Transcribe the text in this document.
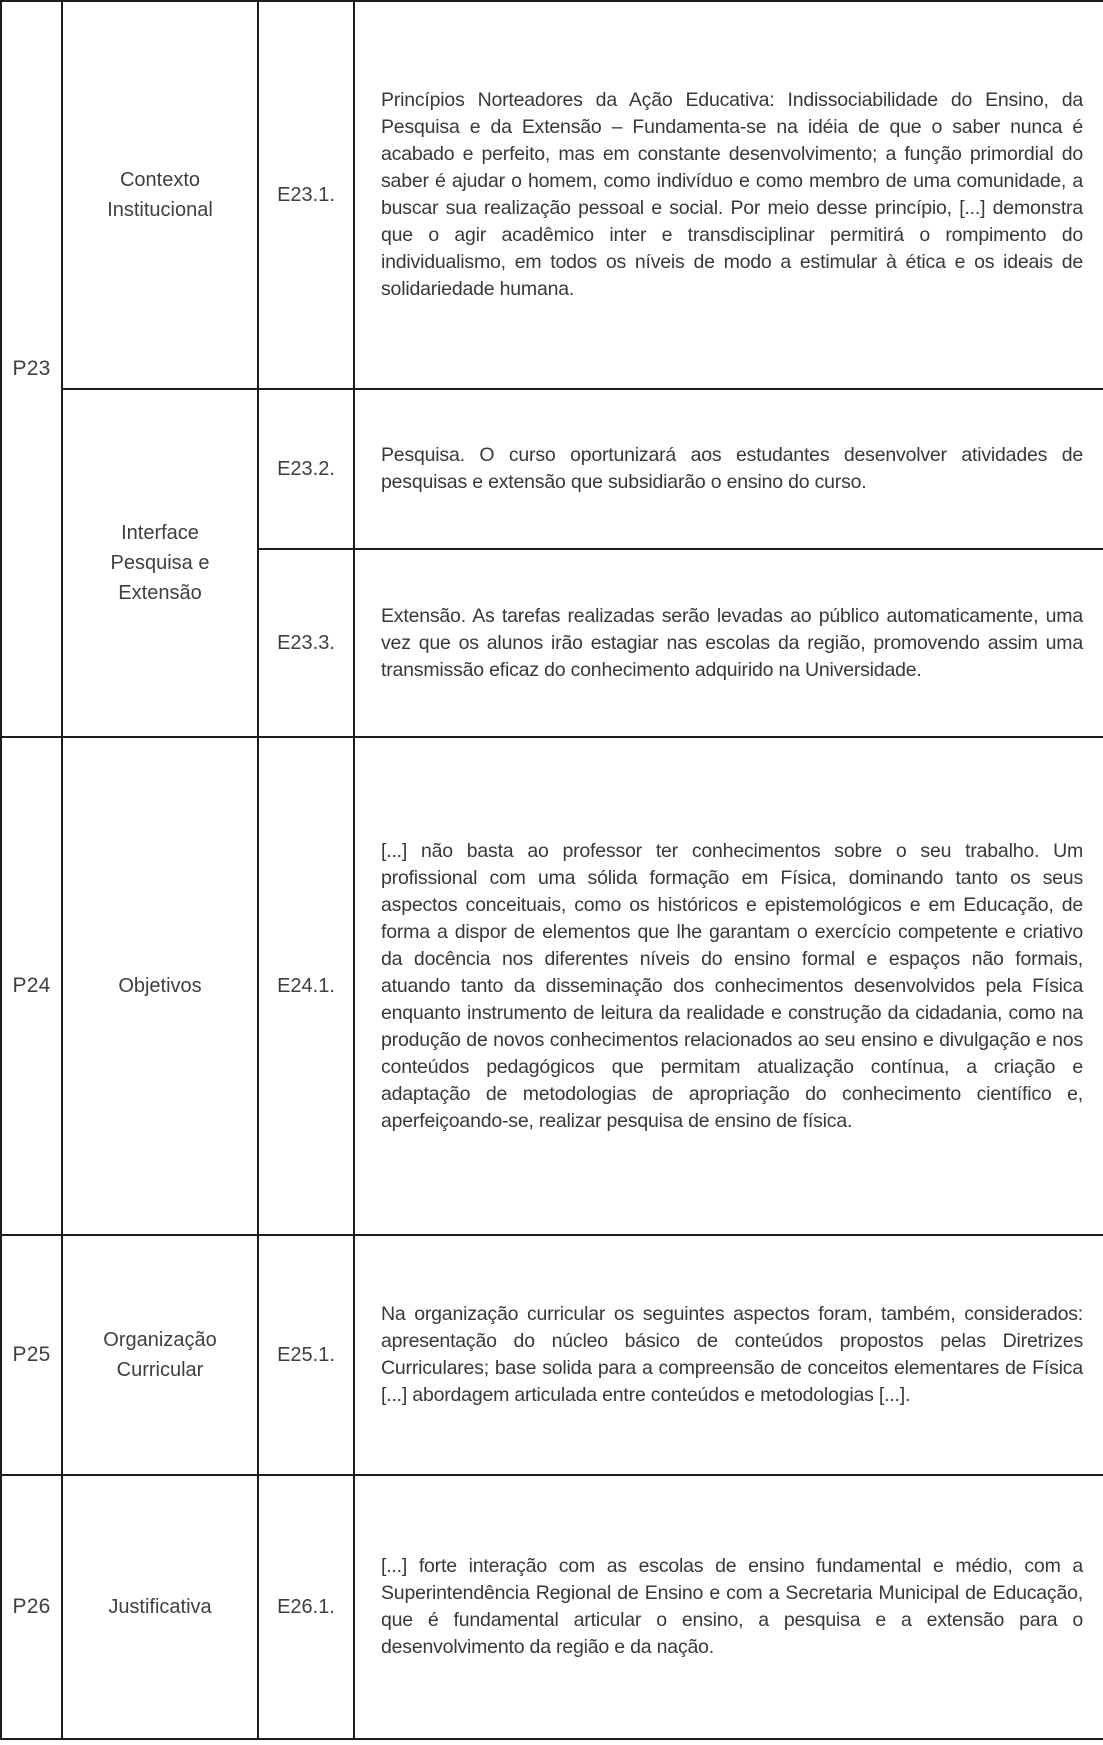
P23	Contexto Institucional	E23.1.	Princípios Norteadores da Ação Educativa: Indissociabilidade do Ensino, da Pesquisa e da Extensão – Fundamenta-se na idéia de que o saber nunca é acabado e perfeito, mas em constante desenvolvimento; a função primordial do saber é ajudar o homem, como indivíduo e como membro de uma comunidade, a buscar sua realização pessoal e social. Por meio desse princípio, [...] demonstra que o agir acadêmico inter e transdisciplinar permitirá o rompimento do individualismo, em todos os níveis de modo a estimular à ética e os ideais de solidariedade humana.
	Interface Pesquisa e Extensão	E23.2.	Pesquisa. O curso oportunizará aos estudantes desenvolver atividades de pesquisas e extensão que subsidiarão o ensino do curso.
		E23.3.	Extensão. As tarefas realizadas serão levadas ao público automaticamente, uma vez que os alunos irão estagiar nas escolas da região, promovendo assim uma transmissão eficaz do conhecimento adquirido na Universidade.
P24	Objetivos	E24.1.	[...] não basta ao professor ter conhecimentos sobre o seu trabalho. Um profissional com uma sólida formação em Física, dominando tanto os seus aspectos conceituais, como os históricos e epistemológicos e em Educação, de forma a dispor de elementos que lhe garantam o exercício competente e criativo da docência nos diferentes níveis do ensino formal e espaços não formais, atuando tanto da disseminação dos conhecimentos desenvolvidos pela Física enquanto instrumento de leitura da realidade e construção da cidadania, como na produção de novos conhecimentos relacionados ao seu ensino e divulgação e nos conteúdos pedagógicos que permitam atualização contínua, a criação e adaptação de metodologias de apropriação do conhecimento científico e, aperfeiçoando-se, realizar pesquisa de ensino de física.
P25	Organização Curricular	E25.1.	Na organização curricular os seguintes aspectos foram, também, considerados: apresentação do núcleo básico de conteúdos propostos pelas Diretrizes Curriculares; base solida para a compreensão de conceitos elementares de Física [...] abordagem articulada entre conteúdos e metodologias [...].
P26	Justificativa	E26.1.	[...] forte interação com as escolas de ensino fundamental e médio, com a Superintendência Regional de Ensino e com a Secretaria Municipal de Educação, que é fundamental articular o ensino, a pesquisa e a extensão para o desenvolvimento da região e da nação.
